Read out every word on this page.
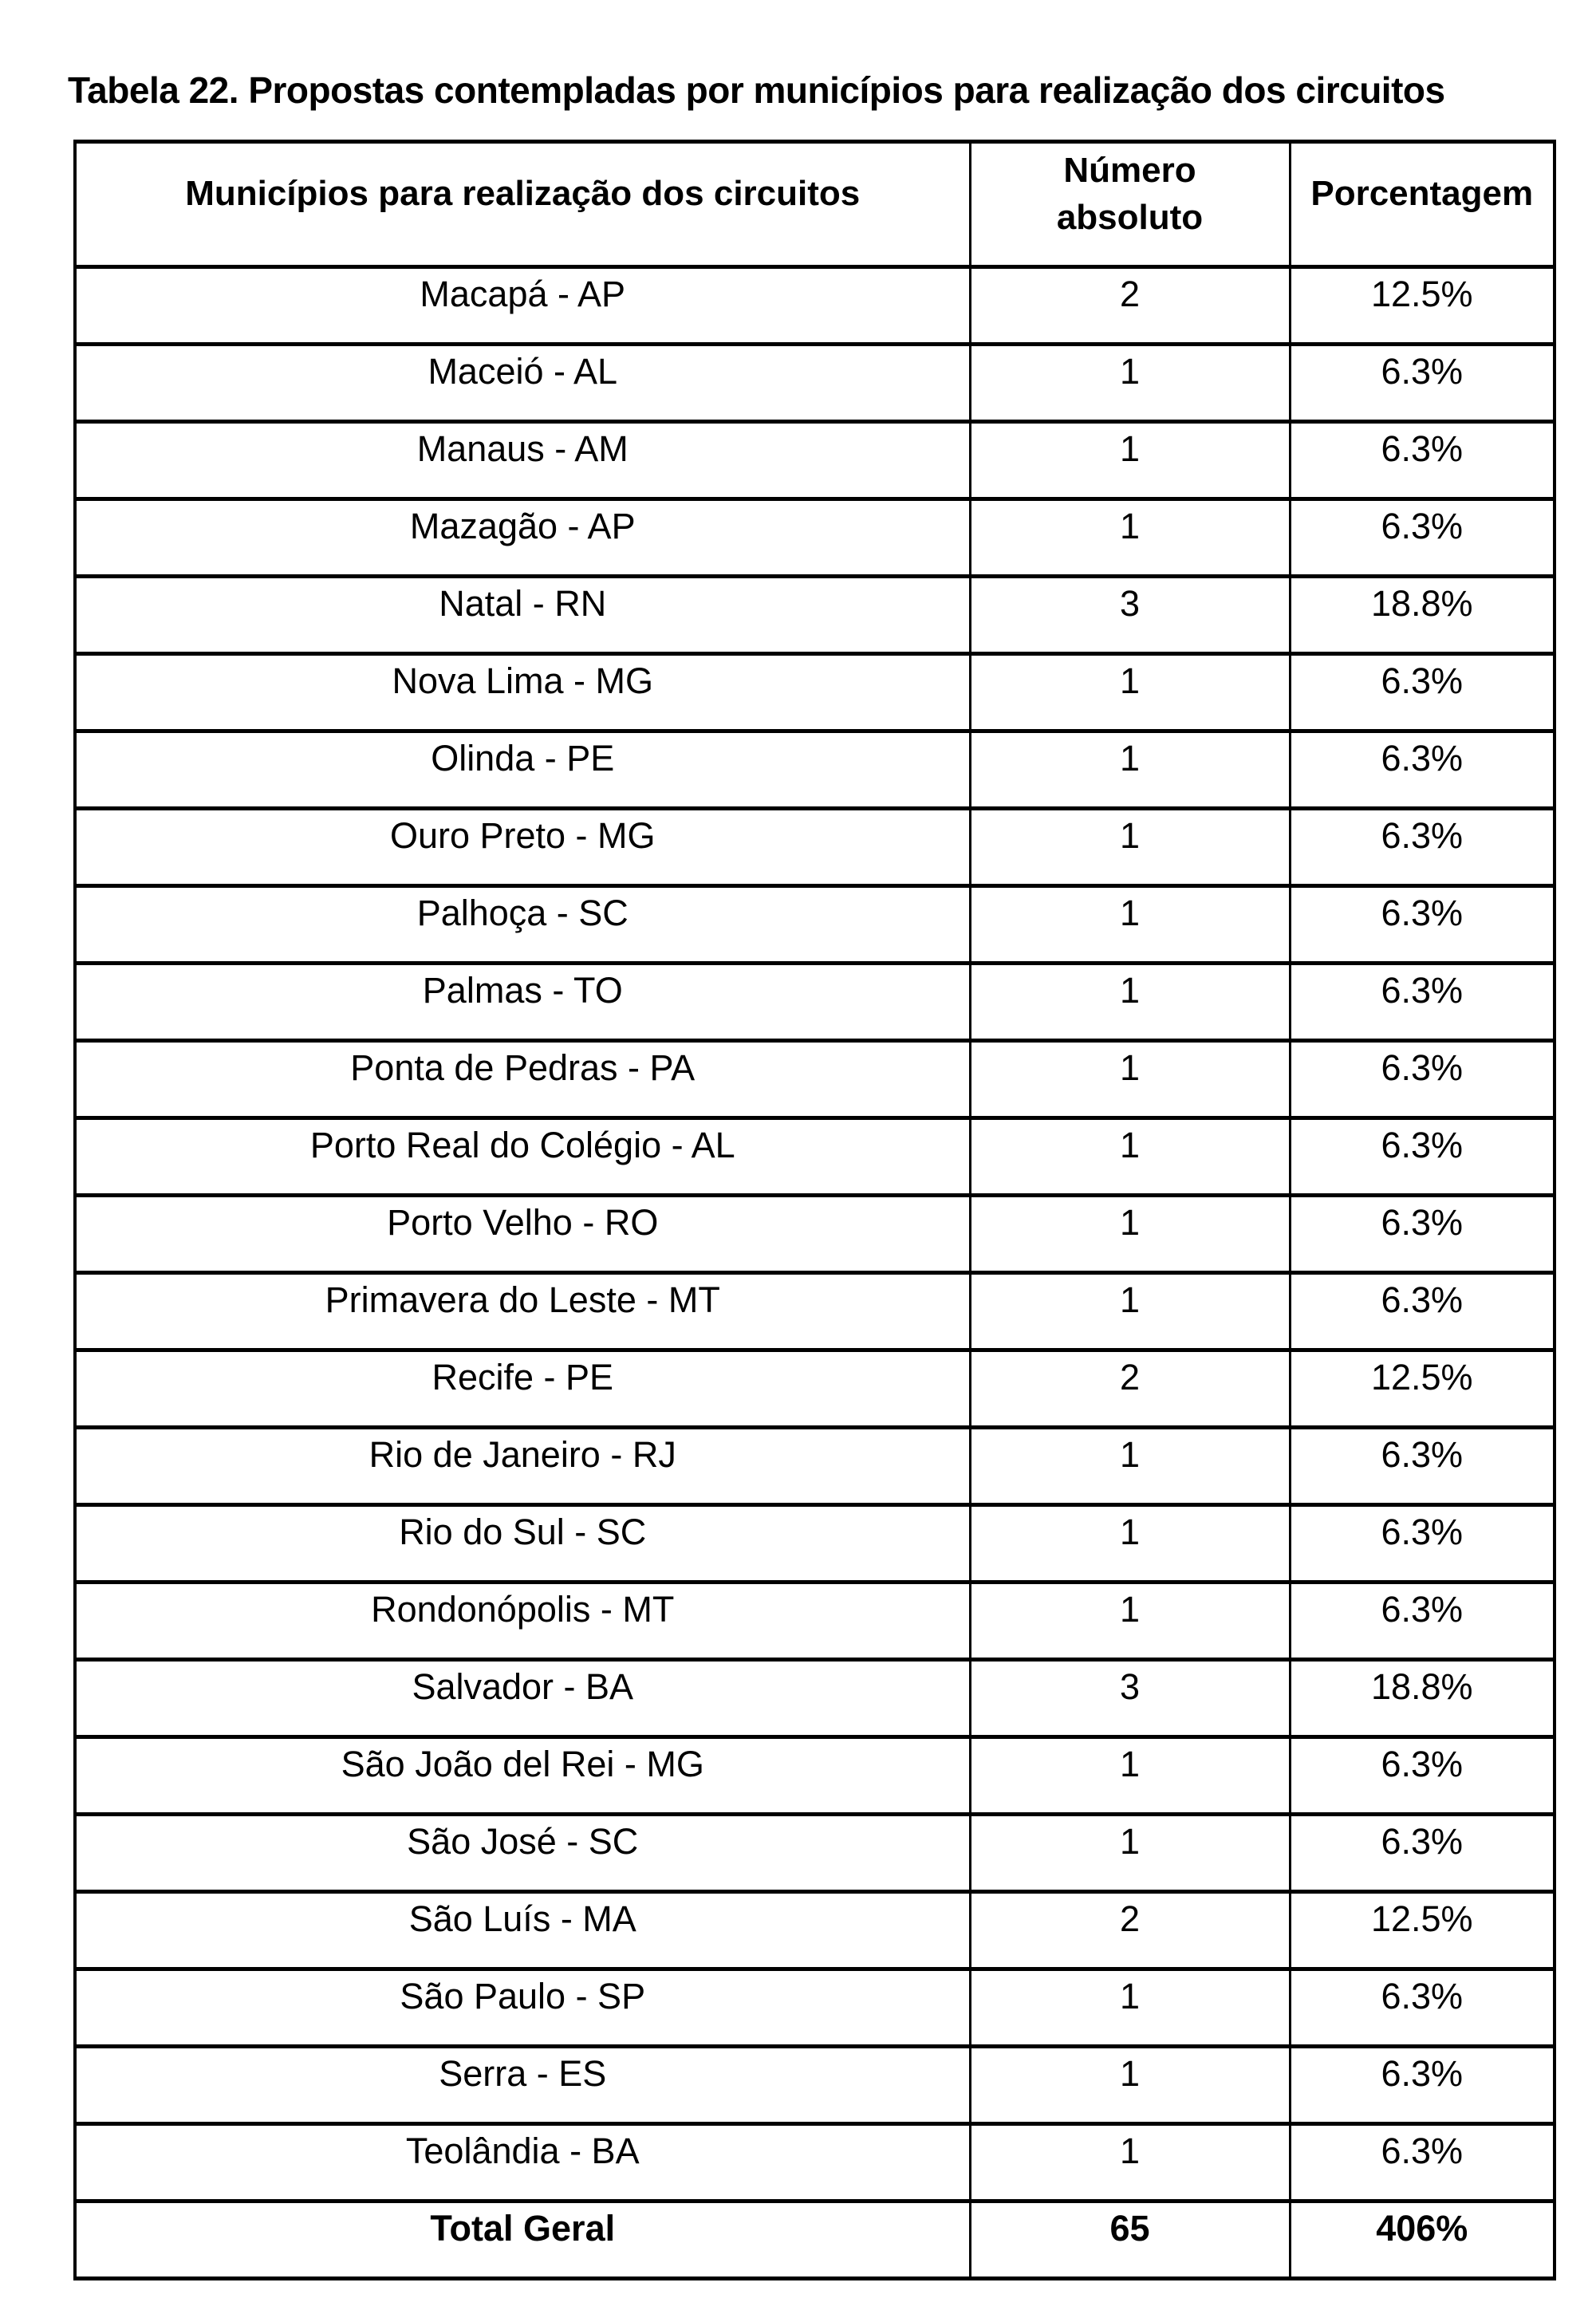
Tabela 22. Propostas contempladas por municípios para realização dos circuitos
Municípios para realização dos circuitos	Número absoluto	Porcentagem
Macapá - AP	2	12.5%
Maceió - AL	1	6.3%
Manaus - AM	1	6.3%
Mazagão - AP	1	6.3%
Natal - RN	3	18.8%
Nova Lima - MG	1	6.3%
Olinda - PE	1	6.3%
Ouro Preto - MG	1	6.3%
Palhoça - SC	1	6.3%
Palmas - TO	1	6.3%
Ponta de Pedras - PA	1	6.3%
Porto Real do Colégio - AL	1	6.3%
Porto Velho - RO	1	6.3%
Primavera do Leste - MT	1	6.3%
Recife - PE	2	12.5%
Rio de Janeiro - RJ	1	6.3%
Rio do Sul - SC	1	6.3%
Rondonópolis - MT	1	6.3%
Salvador - BA	3	18.8%
São João del Rei - MG	1	6.3%
São José - SC	1	6.3%
São Luís - MA	2	12.5%
São Paulo - SP	1	6.3%
Serra - ES	1	6.3%
Teolândia - BA	1	6.3%
Total Geral	65	406%
